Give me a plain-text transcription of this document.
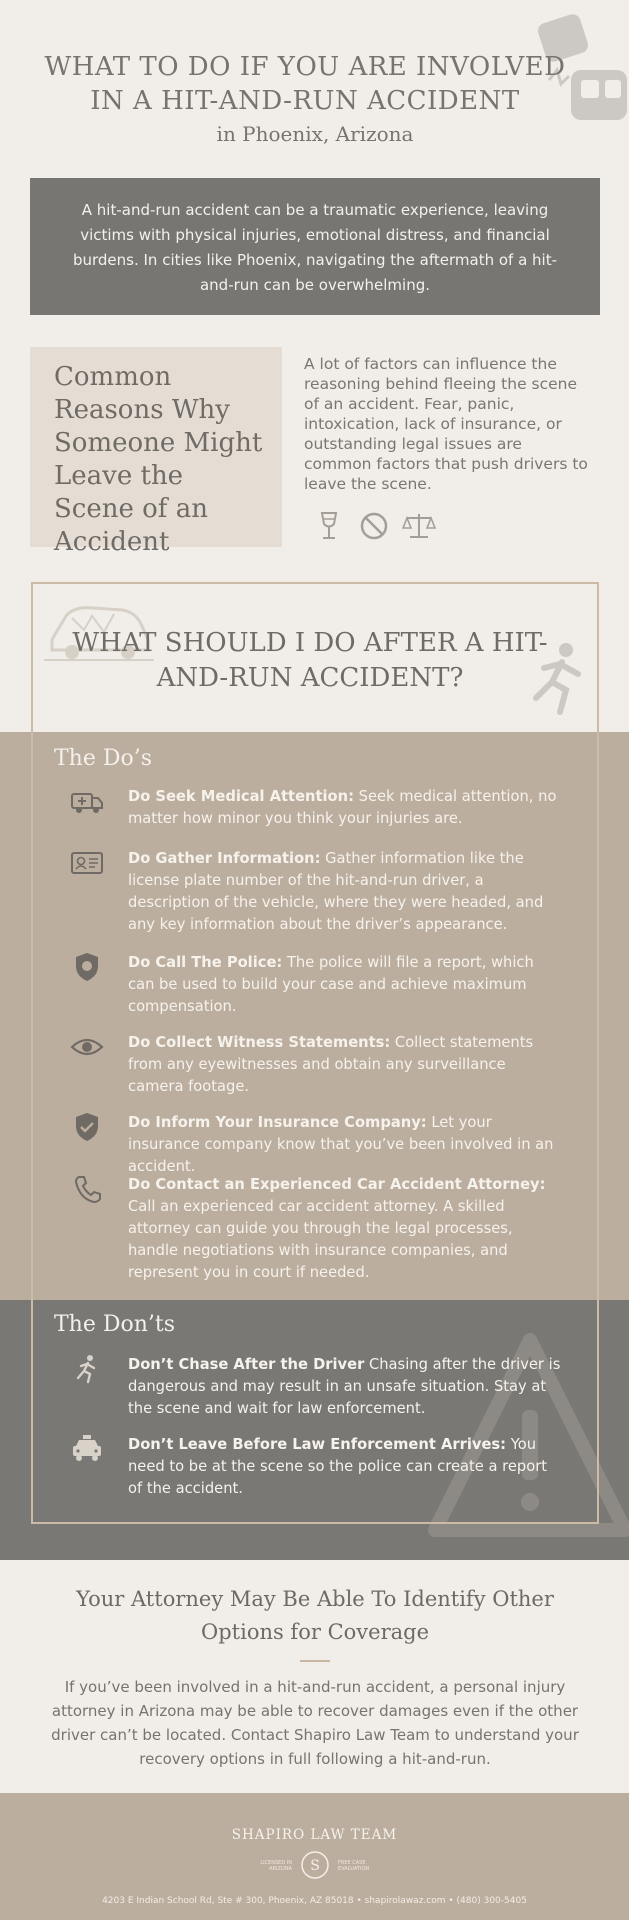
WHAT TO DO IF YOU ARE INVOLVED IN A HIT-AND-RUN ACCIDENT
in Phoenix, Arizona
A hit-and-run accident can be a traumatic experience, leaving victims with physical injuries, emotional distress, and financial burdens. In cities like Phoenix, navigating the aftermath of a hit-and-run can be overwhelming.
Common Reasons Why Someone Might Leave the Scene of an Accident
A lot of factors can influence the reasoning behind fleeing the scene of an accident. Fear, panic, intoxication, lack of insurance, or outstanding legal issues are common factors that push drivers to leave the scene.
The Do’s
Do Seek Medical Attention: Seek medical attention, no matter how minor you think your injuries are.
Do Gather Information: Gather information like the license plate number of the hit-and-run driver, a description of the vehicle, where they were headed, and any key information about the driver’s appearance.
Do Call The Police: The police will file a report, which can be used to build your case and achieve maximum compensation.
Do Collect Witness Statements: Collect statements from any eyewitnesses and obtain any surveillance camera footage.
Do Inform Your Insurance Company: Let your insurance company know that you’ve been involved in an accident.
Do Contact an Experienced Car Accident Attorney: Call an experienced car accident attorney. A skilled attorney can guide you through the legal processes, handle negotiations with insurance companies, and represent you in court if needed.
The Don’ts
Don’t Chase After the Driver Chasing after the driver is dangerous and may result in an unsafe situation. Stay at the scene and wait for law enforcement.
Don’t Leave Before Law Enforcement Arrives: You need to be at the scene so the police can create a report of the accident.
WHAT SHOULD I DO AFTER A HIT-AND-RUN ACCIDENT?
Your Attorney May Be Able To Identify Other Options for Coverage
If you’ve been involved in a hit-and-run accident, a personal injury attorney in Arizona may be able to recover damages even if the other driver can’t be located. Contact Shapiro Law Team to understand your recovery options in full following a hit-and-run.
SHAPIRO LAW TEAM
LICENSED IN ARIZONA S	FREE CASE EVALUATION
4203 E Indian School Rd, Ste # 300, Phoenix, AZ 85018 • shapirolawaz.com • (480) 300-5405
